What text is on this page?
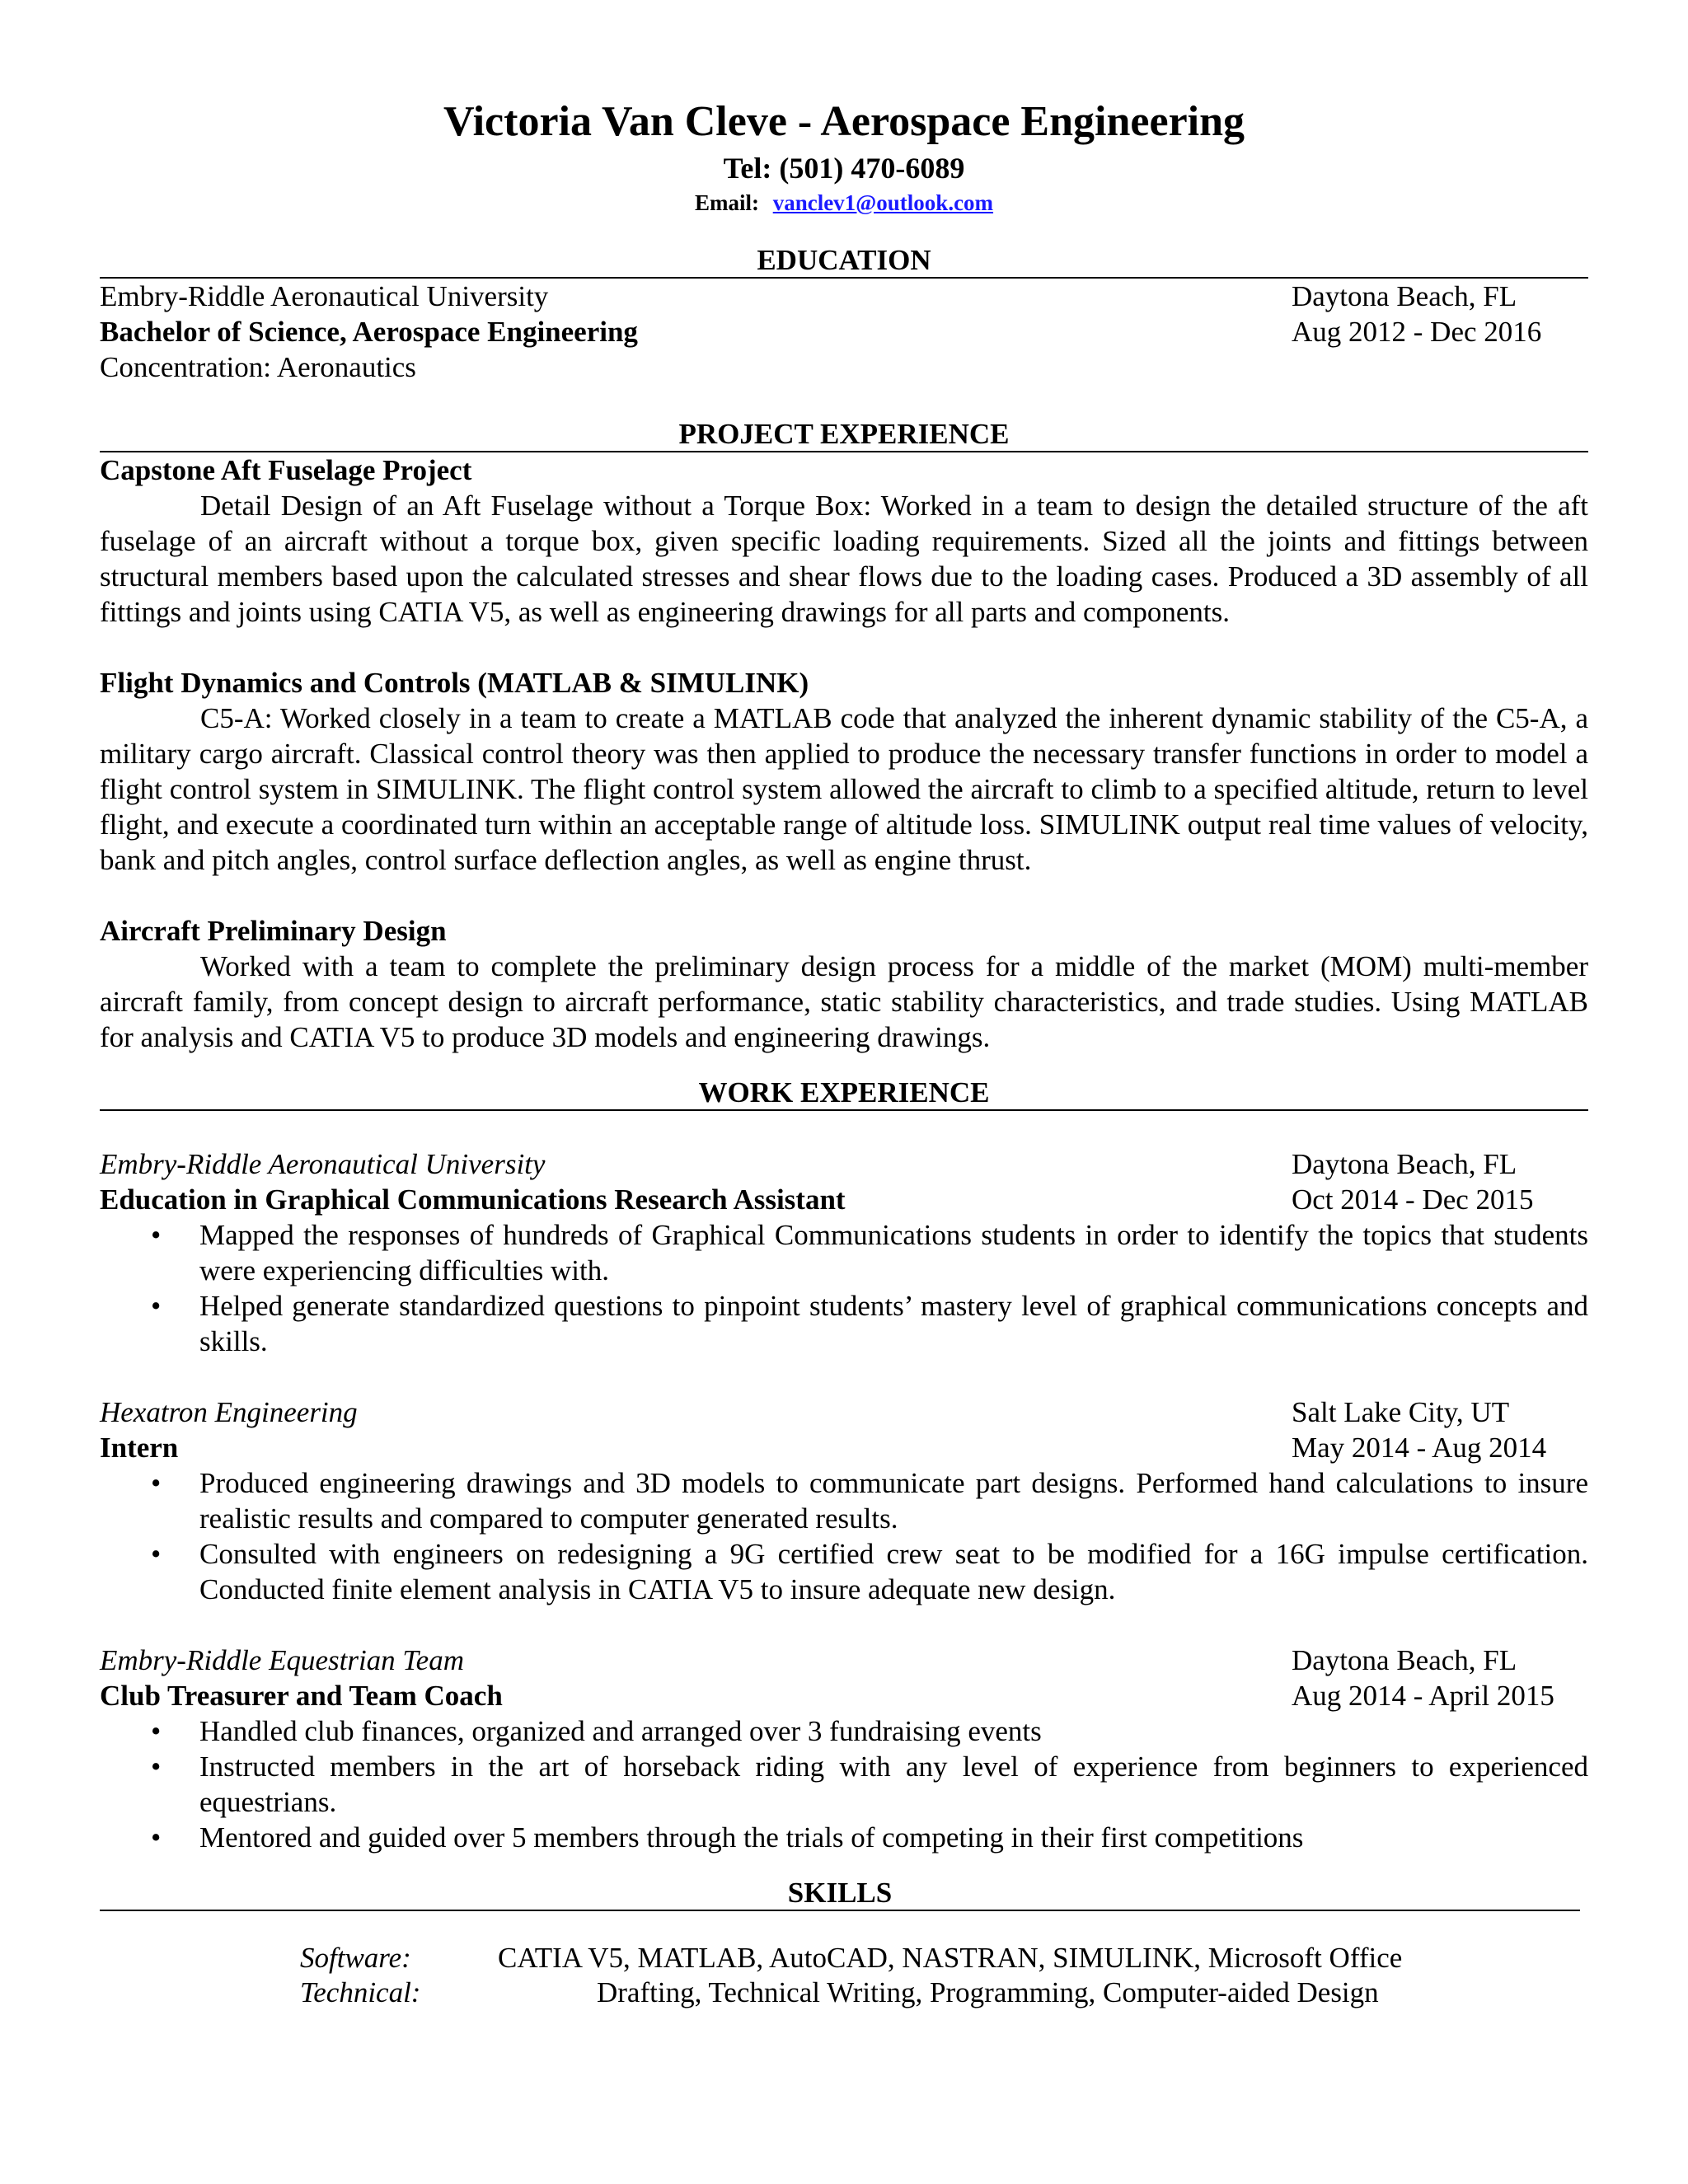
Victoria Van Cleve - Aerospace Engineering

Tel: (501) 470-6089

Email: vanclev1@outlook.com

EDUCATION

Embry-Riddle Aeronautical University	Daytona Beach, FL
Bachelor of Science, Aerospace Engineering	Aug 2012 - Dec 2016
Concentration: Aeronautics

PROJECT EXPERIENCE

Capstone Aft Fuselage Project

Detail Design of an Aft Fuselage without a Torque Box: Worked in a team to design the detailed structure of the aft fuselage of an aircraft without a torque box, given specific loading requirements. Sized all the joints and fittings between structural members based upon the calculated stresses and shear flows due to the loading cases. Produced a 3D assembly of all fittings and joints using CATIA V5, as well as engineering drawings for all parts and components.

Flight Dynamics and Controls (MATLAB & SIMULINK)

C5-A: Worked closely in a team to create a MATLAB code that analyzed the inherent dynamic stability of the C5-A, a military cargo aircraft. Classical control theory was then applied to produce the necessary transfer functions in order to model a flight control system in SIMULINK. The flight control system allowed the aircraft to climb to a specified altitude, return to level flight, and execute a coordinated turn within an acceptable range of altitude loss. SIMULINK output real time values of velocity, bank and pitch angles, control surface deflection angles, as well as engine thrust.

Aircraft Preliminary Design

Worked with a team to complete the preliminary design process for a middle of the market (MOM) multi-member aircraft family, from concept design to aircraft performance, static stability characteristics, and trade studies. Using MATLAB for analysis and CATIA V5 to produce 3D models and engineering drawings.

WORK EXPERIENCE

Embry-Riddle Aeronautical University	Daytona Beach, FL
Education in Graphical Communications Research Assistant	Oct 2014 - Dec 2015
• Mapped the responses of hundreds of Graphical Communications students in order to identify the topics that students were experiencing difficulties with.
• Helped generate standardized questions to pinpoint students’ mastery level of graphical communications concepts and skills.
Hexatron Engineering	Salt Lake City, UT
Intern	May 2014 - Aug 2014
• Produced engineering drawings and 3D models to communicate part designs. Performed hand calculations to insure realistic results and compared to computer generated results.
• Consulted with engineers on redesigning a 9G certified crew seat to be modified for a 16G impulse certification. Conducted finite element analysis in CATIA V5 to insure adequate new design.
Embry-Riddle Equestrian Team	Daytona Beach, FL
Club Treasurer and Team Coach	Aug 2014 - April 2015
• Handled club finances, organized and arranged over 3 fundraising events
• Instructed members in the art of horseback riding with any level of experience from beginners to experienced equestrians.
• Mentored and guided over 5 members through the trials of competing in their first competitions

SKILLS

Software:	CATIA V5, MATLAB, AutoCAD, NASTRAN, SIMULINK, Microsoft Office
Technical:	Drafting, Technical Writing, Programming, Computer-aided Design
